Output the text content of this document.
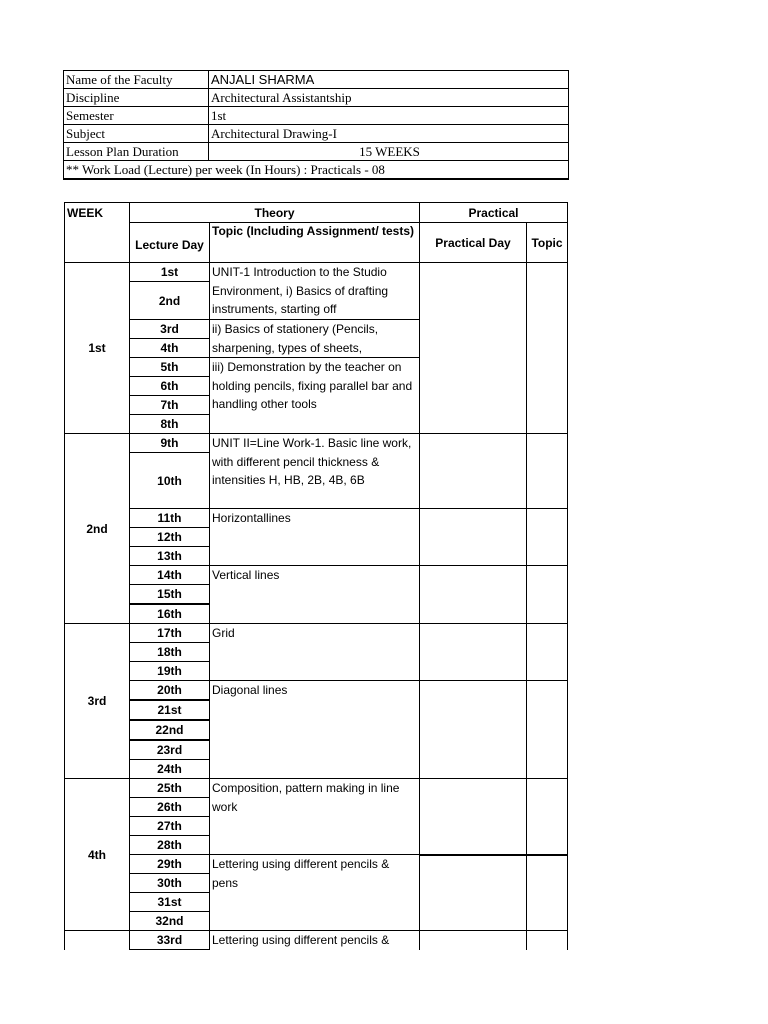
Name of the Faculty	ANJALI SHARMA
Discipline	Architectural Assistantship
Semester	1st
Subject	Architectural Drawing-I
Lesson Plan Duration	15 WEEKS
** Work Load (Lecture) per week (In Hours) : Practicals - 08	
WEEK	Theory		Practical	
	Lecture Day	Topic (Including Assignment/ tests)	Practical Day	Topic
1st	1st	UNIT-1 Introduction to the Studio Environment, i) Basics of drafting instruments, starting off		
	2nd			
	3rd	ii) Basics of stationery (Pencils, sharpening, types of sheets,		
	4th			
	5th	iii) Demonstration by the teacher on holding pencils, fixing parallel bar and handling other tools		
	6th			
	7th			
	8th			

2nd	9th	UNIT II=Line Work-1. Basic line work, with different pencil thickness & intensities H, HB, 2B, 4B, 6B		
	10th			
	11th	Horizontallines		
	12th			
	13th			
	14th	Vertical lines		
	15th			
	16th			

3rd	17th	Grid		
	18th			
	19th			
	20th	Diagonal lines		
	21st			
	22nd			
	23rd			
	24th			
4th	25th	Composition, pattern making in line work		
	26th			
	27th			
	28th			
	29th	Lettering using different pencils & pens		
	30th			
	31st			
	32nd			
	33rd	Lettering using different pencils &		
